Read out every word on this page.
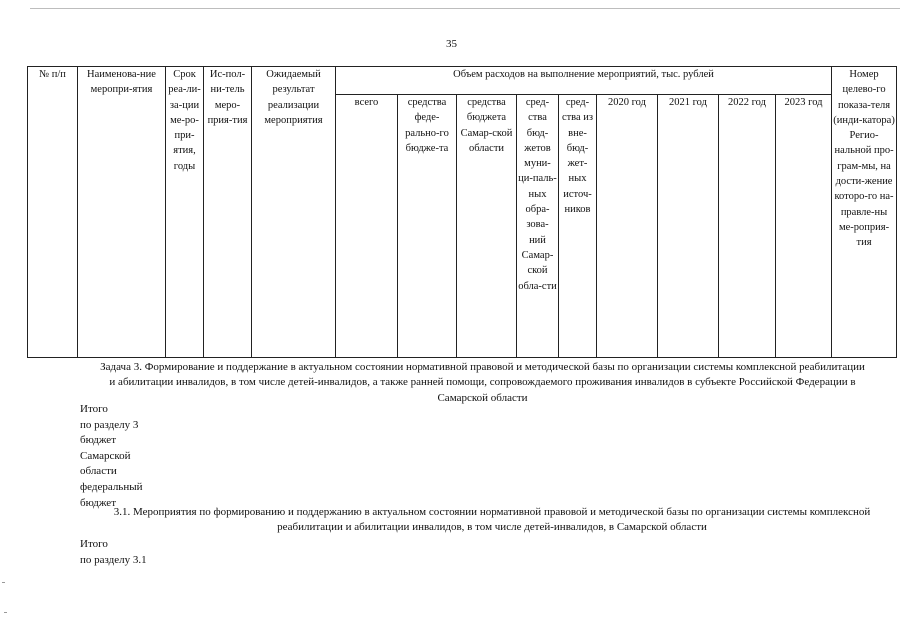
35
№ п/п	Наименова-ние меропри-ятия	Срок реа-ли-за-ции ме-ро-при-ятия, годы	Ис-пол-ни-тель меро-прия-тия	Ожидаемый результат реализации мероприятия	Объем расходов на выполнение мероприятий, тыс. рублей									Номер целево-го показа-теля (инди-катора) Регио-нальной про-грам-мы, на дости-жение которо-го на-правле-ны ме-роприя-тия
					всего	средства феде-рально-го бюдже-та	средства бюджета Самар-ской области	сред-ства бюд-жетов муни-ци-паль-ных обра-зова-ний Самар-ской обла-сти	сред-ства из вне-бюд-жет-ных источ-ников	2020 год	2021 год	2022 год	2023 год	
Задача 3. Формирование и поддержание в актуальном состоянии нормативной правовой и методической базы по организации системы комплексной реабилитации и абилитации инвалидов, в том числе детей-инвалидов, а также ранней помощи, сопровождаемого проживания инвалидов в субъекте Российской Федерации в Самарской области
Итого
по разделу 3
бюджет
Самарской
области
федеральный
бюджет
3.1. Мероприятия по формированию и поддержанию в актуальном состоянии нормативной правовой и методической базы по организации системы комплексной реабилитации и абилитации инвалидов, в том числе детей-инвалидов, в Самарской области
Итого
по разделу 3.1
